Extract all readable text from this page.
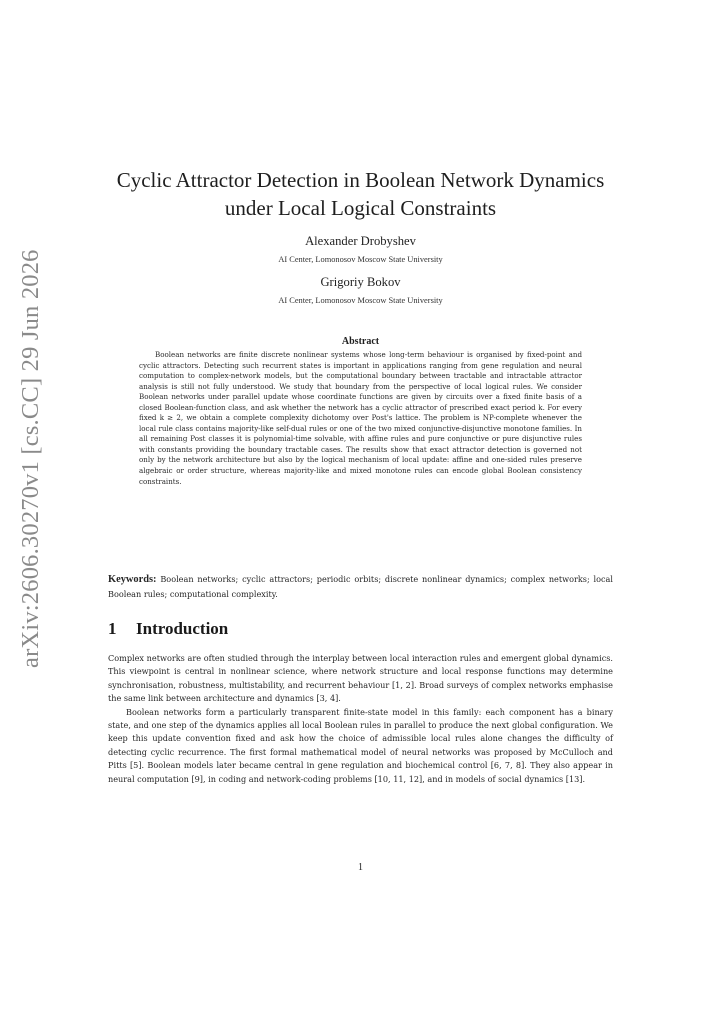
arXiv:2606.30270v1 [cs.CC] 29 Jun 2026
Cyclic Attractor Detection in Boolean Network Dynamics
under Local Logical Constraints
Alexander Drobyshev
AI Center, Lomonosov Moscow State University
Grigoriy Bokov
AI Center, Lomonosov Moscow State University
Abstract
Boolean networks are finite discrete nonlinear systems whose long-term behaviour is organised by fixed-point and cyclic attractors. Detecting such recurrent states is important in applications ranging from gene regulation and neural computation to complex-network models, but the computational boundary between tractable and intractable attractor analysis is still not fully understood. We study that boundary from the perspective of local logical rules. We consider Boolean networks under parallel update whose coordinate functions are given by circuits over a fixed finite basis of a closed Boolean-function class, and ask whether the network has a cyclic attractor of prescribed exact period k. For every fixed k ≥ 2, we obtain a complete complexity dichotomy over Post's lattice. The problem is NP-complete whenever the local rule class contains majority-like self-dual rules or one of the two mixed conjunctive-disjunctive monotone families. In all remaining Post classes it is polynomial-time solvable, with affine rules and pure conjunctive or pure disjunctive rules with constants providing the boundary tractable cases. The results show that exact attractor detection is governed not only by the network architecture but also by the logical mechanism of local update: affine and one-sided rules preserve algebraic or order structure, whereas majority-like and mixed monotone rules can encode global Boolean consistency constraints.
Keywords: Boolean networks; cyclic attractors; periodic orbits; discrete nonlinear dynamics; complex networks; local Boolean rules; computational complexity.
1 Introduction

Complex networks are often studied through the interplay between local interaction rules and emergent global dynamics. This viewpoint is central in nonlinear science, where network structure and local response functions may determine synchronisation, robustness, multistability, and recurrent behaviour [1, 2]. Broad surveys of complex networks emphasise the same link between architecture and dynamics [3, 4].

Boolean networks form a particularly transparent finite-state model in this family: each component has a binary state, and one step of the dynamics applies all local Boolean rules in parallel to produce the next global configuration. We keep this update convention fixed and ask how the choice of admissible local rules alone changes the difficulty of detecting cyclic recurrence. The first formal mathematical model of neural networks was proposed by McCulloch and Pitts [5]. Boolean models later became central in gene regulation and biochemical control [6, 7, 8]. They also appear in neural computation [9], in coding and network-coding problems [10, 11, 12], and in models of social dynamics [13].

1
